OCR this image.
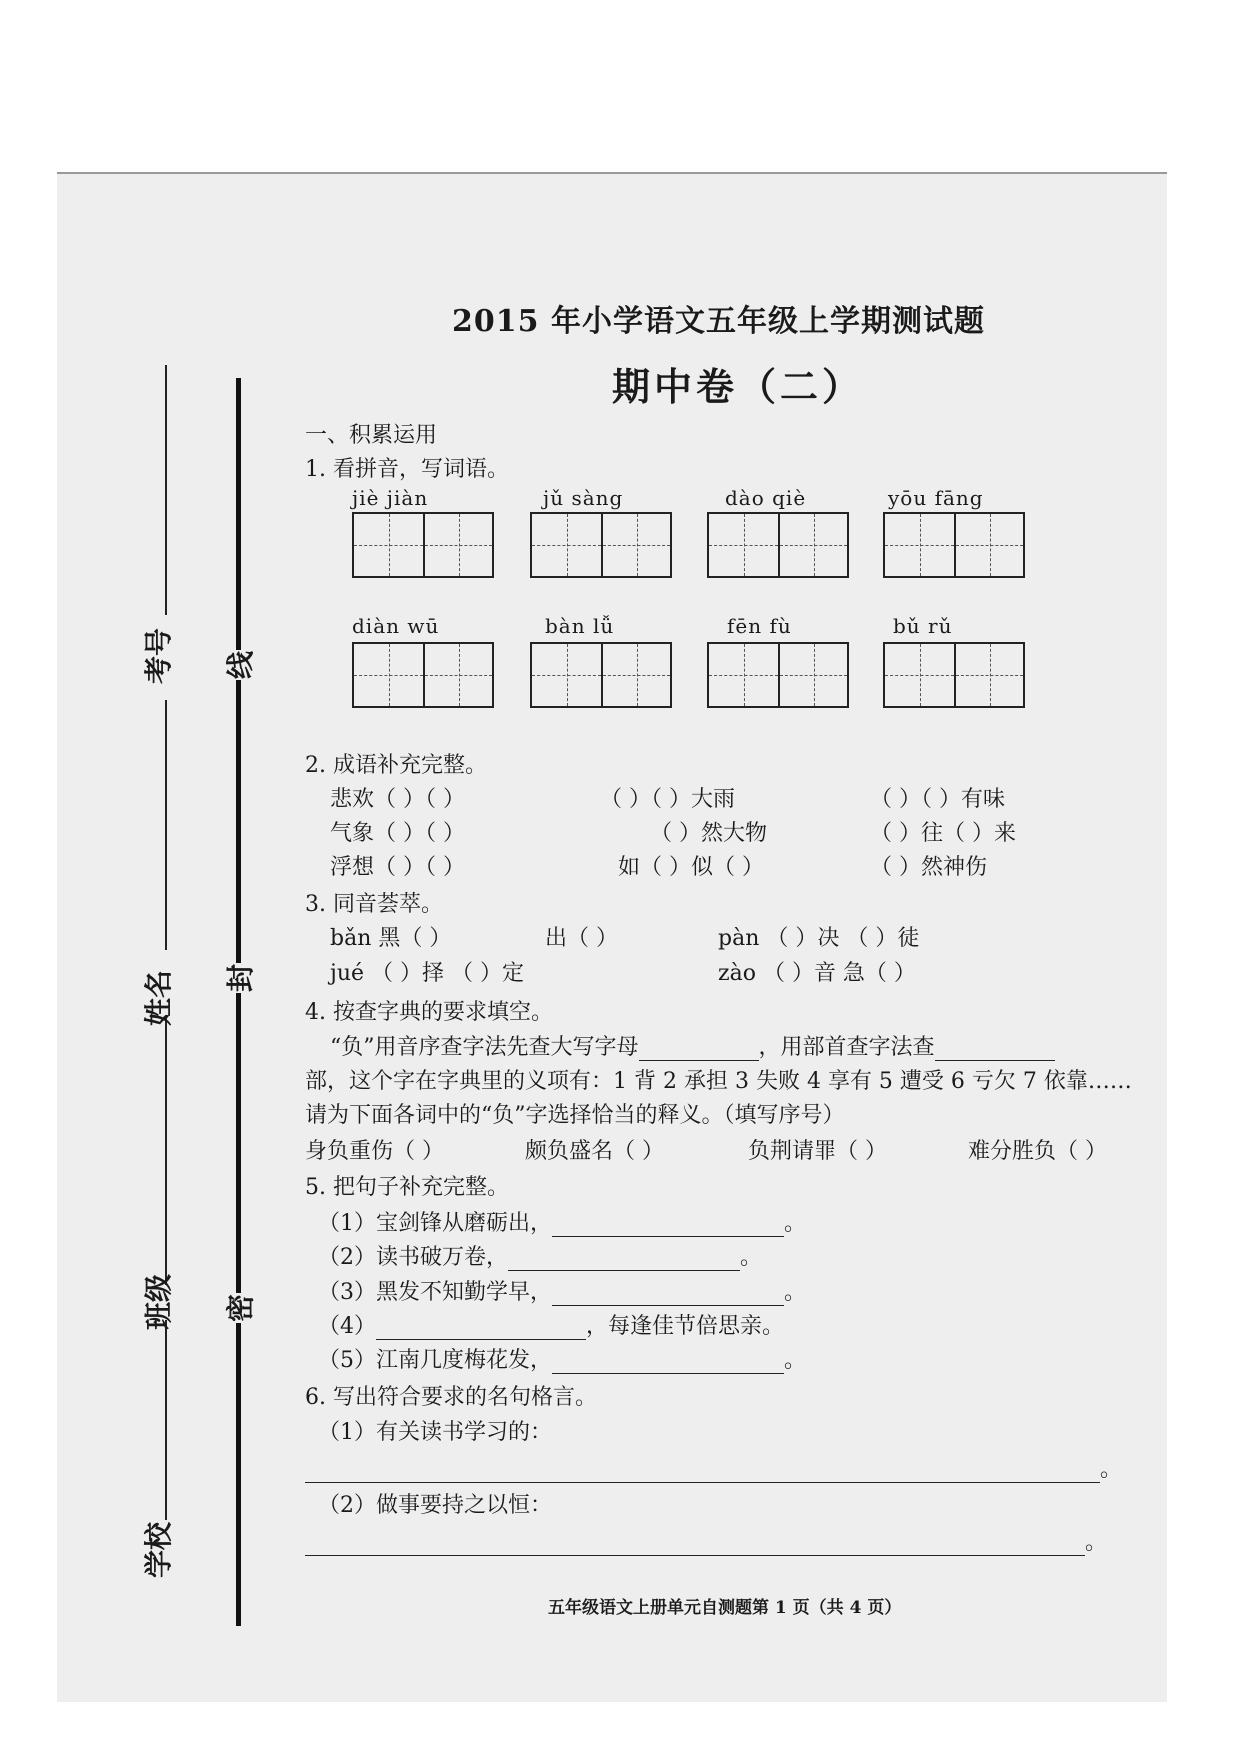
2015 年小学语文五年级上学期测试题
期中卷（二）
考号
姓名
班级
学校
线
封
密
一、积累运用
1. 看拼音，写词语。
jiè jiàn	jǔ sàng	dào qiè	yōu fāng
diàn wū	bàn lǚ	fēn fù	bǔ rǔ
2. 成语补充完整。
悲欢（ ）（ ）	（ ）（ ）大雨	（ ）（ ）有味
气象（ ）（ ）	（ ）然大物	（ ）往（ ）来
浮想（ ）（ ）	如（ ）似（ ）	（ ）然神伤
3. 同音荟萃。
bǎn 黑（ ）	出（ ）	pàn （ ）决 （ ）徒
jué （ ）择 （ ）定	zào （ ）音 急（ ）
4. 按查字典的要求填空。
“负”用音序查字法先查大写字母	，用部首查字法查
部，这个字在字典里的义项有：1 背 2 承担 3 失败 4 享有 5 遭受 6 亏欠 7 依靠……
请为下面各词中的“负”字选择恰当的释义。（填写序号）
身负重伤（ ）	颇负盛名（ ）	负荆请罪（ ）	难分胜负（ ）
5. 把句子补充完整。
（1）宝剑锋从磨砺出，	。
（2）读书破万卷，	。
（3）黑发不知勤学早，	。
（4）	，每逢佳节倍思亲。
（5）江南几度梅花发，	。
6. 写出符合要求的名句格言。
（1）有关读书学习的：
。
（2）做事要持之以恒：
。
五年级语文上册单元自测题第 1 页（共 4 页）
